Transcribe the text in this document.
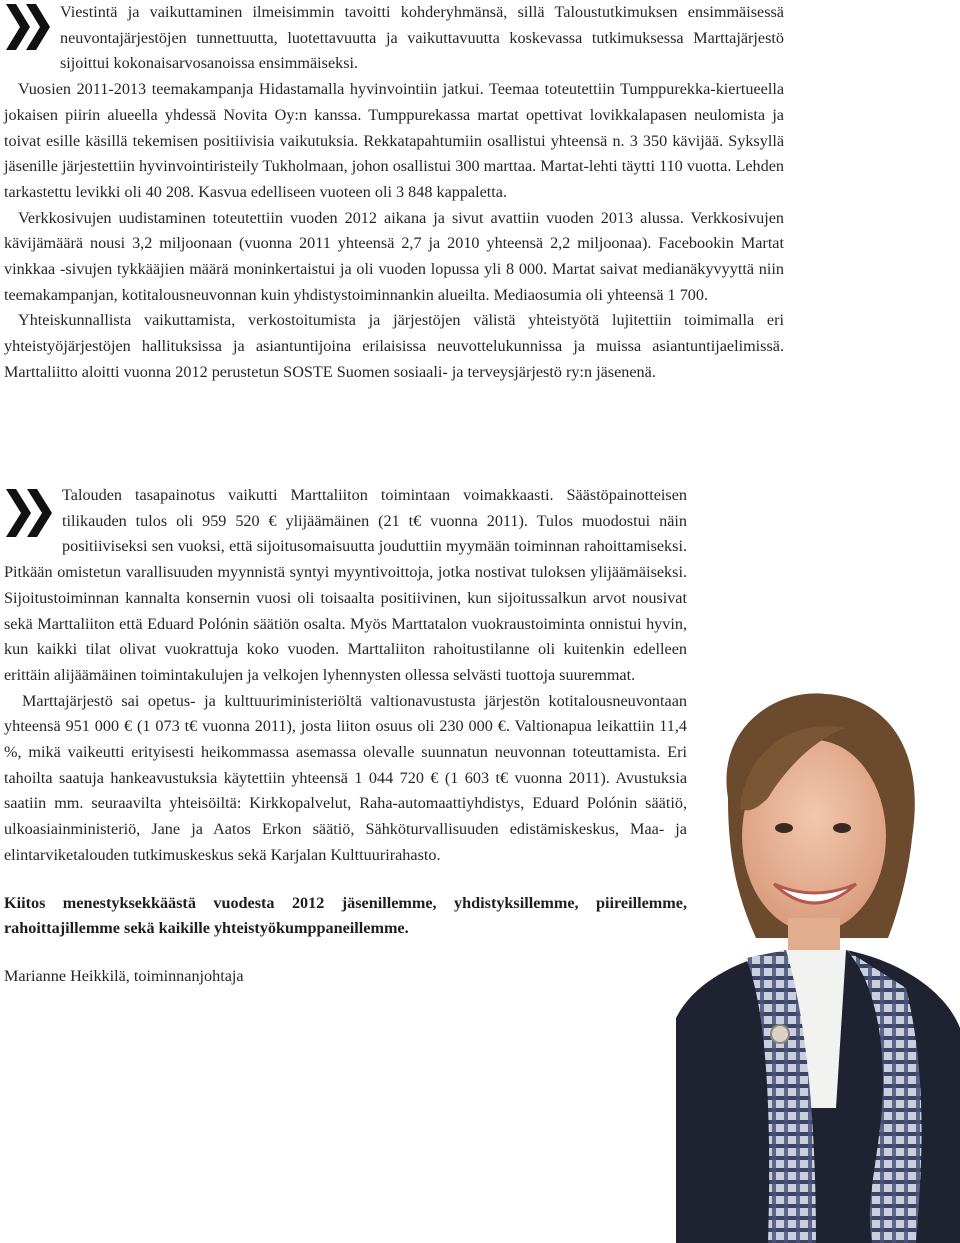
Viestintä ja vaikuttaminen ilmeisimmin tavoitti kohderyhmänsä, sillä Taloustutkimuksen ensimmäisessä neuvontajärjestöjen tunnettuutta, luotettavuutta ja vaikuttavuutta koskevassa tutkimuksessa Marttajärjestö sijoittui kokonaisarvosanoissa ensimmäiseksi.

Vuosien 2011-2013 teemakampanja Hidastamalla hyvinvointiin jatkui. Teemaa toteutettiin Tumppurekka-kiertueella jokaisen piirin alueella yhdessä Novita Oy:n kanssa. Tumppurekassa martat opettivat lovikkalapasen neulomista ja toivat esille käsillä tekemisen positiivisia vaikutuksia. Rekkatapahtumiin osallistui yhteensä n. 3 350 kävijää. Syksyllä jäsenille järjestettiin hyvinvointiristeily Tukholmaan, johon osallistui 300 marttaa. Martat-lehti täytti 110 vuotta. Lehden tarkastettu levikki oli 40 208. Kasvua edelliseen vuoteen oli 3 848 kappaletta.

Verkkosivujen uudistaminen toteutettiin vuoden 2012 aikana ja sivut avattiin vuoden 2013 alussa. Verkkosivujen kävijämäärä nousi 3,2 miljoonaan (vuonna 2011 yhteensä 2,7 ja 2010 yhteensä 2,2 miljoonaa). Facebookin Martat vinkkaa -sivujen tykkääjien määrä moninkertaistui ja oli vuoden lopussa yli 8 000. Martat saivat medianäkyvyyttä niin teemakampanjan, kotitalousneuvonnan kuin yhdistystoiminnankin alueilta. Mediaosumia oli yhteensä 1 700.

Yhteiskunnallista vaikuttamista, verkostoitumista ja järjestöjen välistä yhteistyötä lujitettiin toimimalla eri yhteistyöjärjestöjen hallituksissa ja asiantuntijoina erilaisissa neuvottelukunnissa ja muissa asiantuntijaelimissä. Marttaliitto aloitti vuonna 2012 perustetun SOSTE Suomen sosiaali- ja terveysjärjestö ry:n jäsenenä.

Talouden tasapainotus vaikutti Marttaliiton toimintaan voimakkaasti. Säästöpainotteisen tilikauden tulos oli 959 520 € ylijäämäinen (21 t€ vuonna 2011). Tulos muodostui näin positiiviseksi sen vuoksi, että sijoitusomaisuutta jouduttiin myymään toiminnan rahoittamiseksi. Pitkään omistetun varallisuuden myynnistä syntyi myyntivoittoja, jotka nostivat tuloksen ylijäämäiseksi. Sijoitustoiminnan kannalta konsernin vuosi oli toisaalta positiivinen, kun sijoitussalkun arvot nousivat sekä Marttaliiton että Eduard Polónin säätiön osalta. Myös Marttatalon vuokraustoiminta onnistui hyvin, kun kaikki tilat olivat vuokrattuja koko vuoden. Marttaliiton rahoitustilanne oli kuitenkin edelleen erittäin alijäämäinen toimintakulujen ja velkojen lyhennysten ollessa selvästi tuottoja suuremmat.

Marttajärjestö sai opetus- ja kulttuuriministeriöltä valtionavustusta järjestön kotitalousneuvontaan yhteensä 951 000 € (1 073 t€ vuonna 2011), josta liiton osuus oli 230 000 €. Valtionapua leikattiin 11,4 %, mikä vaikeutti erityisesti heikommassa asemassa olevalle suunnatun neuvonnan toteuttamista. Eri tahoilta saatuja hankeavustuksia käytettiin yhteensä 1 044 720 € (1 603 t€ vuonna 2011). Avustuksia saatiin mm. seuraavilta yhteisöiltä: Kirkkopalvelut, Raha-automaattiyhdistys, Eduard Polónin säätiö, ulkoasiainministeriö, Jane ja Aatos Erkon säätiö, Sähköturvallisuuden edistämiskeskus, Maa- ja elintarviketalouden tutkimuskeskus sekä Karjalan Kulttuurirahasto.

Kiitos menestyksekkäästä vuodesta 2012 jäsenillemme, yhdistyksillemme, piireillemme, rahoittajillemme sekä kaikille yhteistyökumppaneillemme.

Marianne Heikkilä, toiminnanjohtaja
